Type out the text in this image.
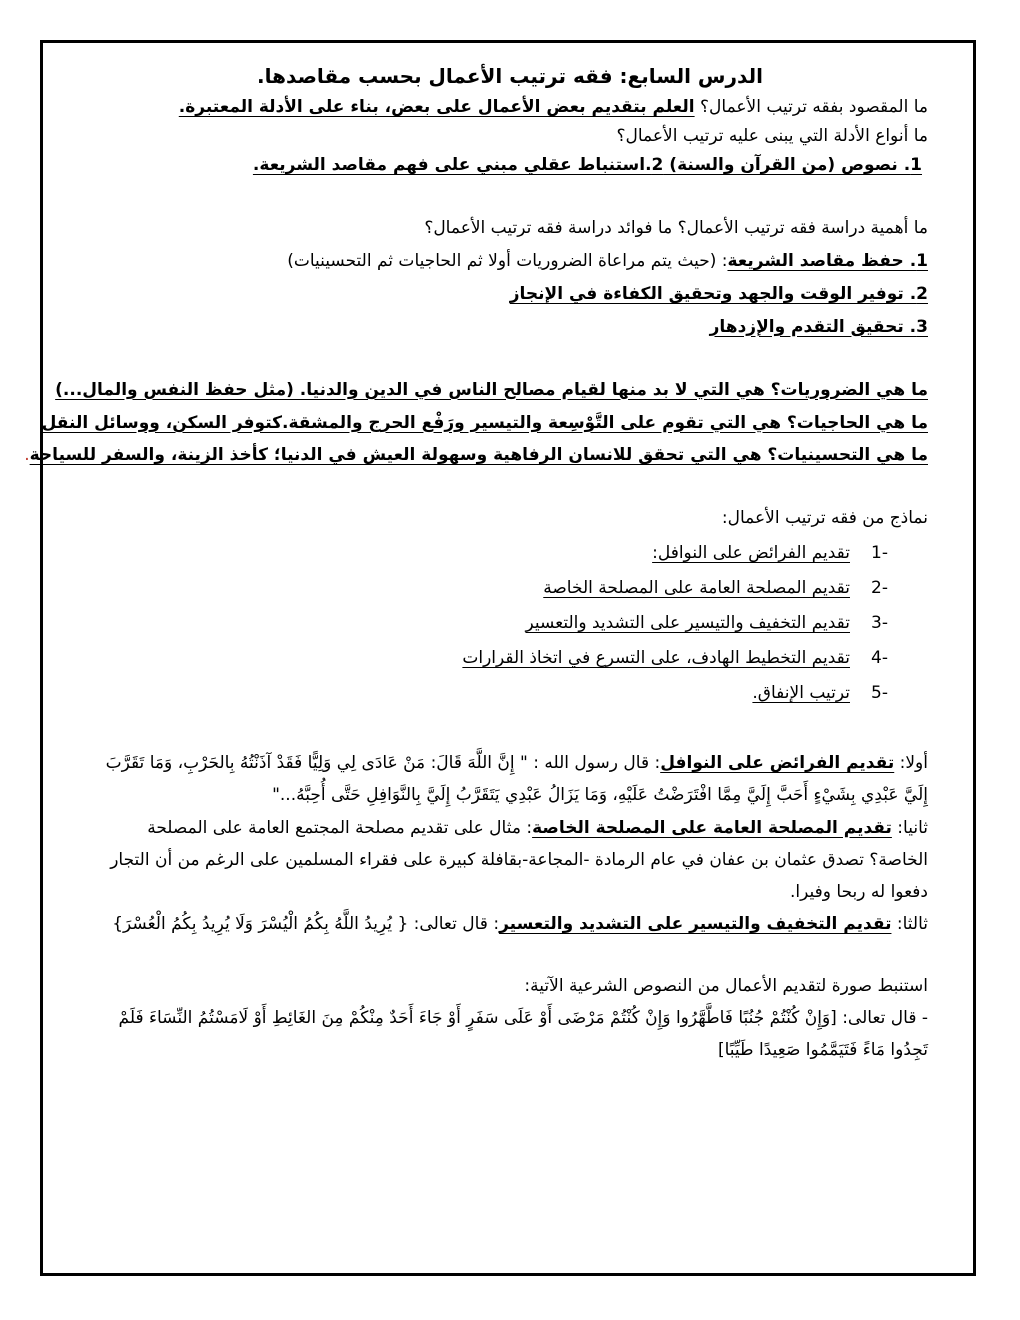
الدرس السابع: فقه ترتيب الأعمال بحسب مقاصدها.
ما المقصود بفقه ترتيب الأعمال؟ العلم بتقديم بعض الأعمال على بعض، بناء على الأدلة المعتبرة.
ما أنواع الأدلة التي يبنى عليه ترتيب الأعمال؟
1. نصوص (من القرآن والسنة) 2.استنباط عقلي مبني على فهم مقاصد الشريعة.
ما أهمية دراسة فقه ترتيب الأعمال؟ ما فوائد دراسة فقه ترتيب الأعمال؟
1. حفظ مقاصد الشريعة: (حيث يتم مراعاة الضروريات أولا ثم الحاجيات ثم التحسينيات)
2. توفير الوقت والجهد وتحقيق الكفاءة في الإنجاز
3. تحقيق التقدم والإزدهار
ما هي الضروريات؟ هي التي لا بد منها لقيام مصالح الناس في الدين والدنيا. (مثل حفظ النفس والمال...)
ما هي الحاجيات؟ هي التي تقوم على التَّوْسِعة والتيسير ورَفْع الحرج والمشقة.كتوفر السكن، ووسائل النقل
ما هي التحسينيات؟ هي التي تحقق للانسان الرفاهية وسهولة العيش في الدنيا؛ كأخذ الزينة، والسفر للسياحة.
نماذج من فقه ترتيب الأعمال:
-1تقديم الفرائض على النوافل:
-2تقديم المصلحة العامة على المصلحة الخاصة
-3تقديم التخفيف والتيسير على التشديد والتعسير
-4تقديم التخطيط الهادف، على التسرع في اتخاذ القرارات
-5ترتيب الإنفاق.
أولا: تقديم الفرائض على النوافل: قال رسول الله : " إِنَّ اللَّهَ قَالَ: مَنْ عَادَى لِي وَلِيًّا فَقَدْ آذَنْتُهُ بِالحَرْبِ، وَمَا تَقَرَّبَ إِلَيَّ عَبْدِي بِشَيْءٍ أَحَبَّ إِلَيَّ مِمَّا افْتَرَضْتُ عَلَيْهِ، وَمَا يَزَالُ عَبْدِي يَتَقَرَّبُ إِلَيَّ بِالنَّوَافِلِ حَتَّى أُحِبَّهُ..."
ثانيا: تقديم المصلحة العامة على المصلحة الخاصة: مثال على تقديم مصلحة المجتمع العامة على المصلحة الخاصة؟ تصدق عثمان بن عفان في عام الرمادة -المجاعة-بقافلة كبيرة على فقراء المسلمين على الرغم من أن التجار دفعوا له ربحا وفيرا.
ثالثا: تقديم التخفيف والتيسير على التشديد والتعسير: قال تعالى: { يُرِيدُ اللَّهُ بِكُمُ الْيُسْرَ وَلَا يُرِيدُ بِكُمُ الْعُسْرَ}
استنبط صورة لتقديم الأعمال من النصوص الشرعية الآتية:
- قال تعالى: [وَإِنْ كُنْتُمْ جُنُبًا فَاطَّهَّرُوا وَإِنْ كُنْتُمْ مَرْضَى أَوْ عَلَى سَفَرٍ أَوْ جَاءَ أَحَدٌ مِنْكُمْ مِنَ الغَائِطِ أَوْ لَامَسْتُمُ النِّسَاءَ فَلَمْ تَجِدُوا مَاءً فَتَيَمَّمُوا صَعِيدًا طَيِّبًا]
